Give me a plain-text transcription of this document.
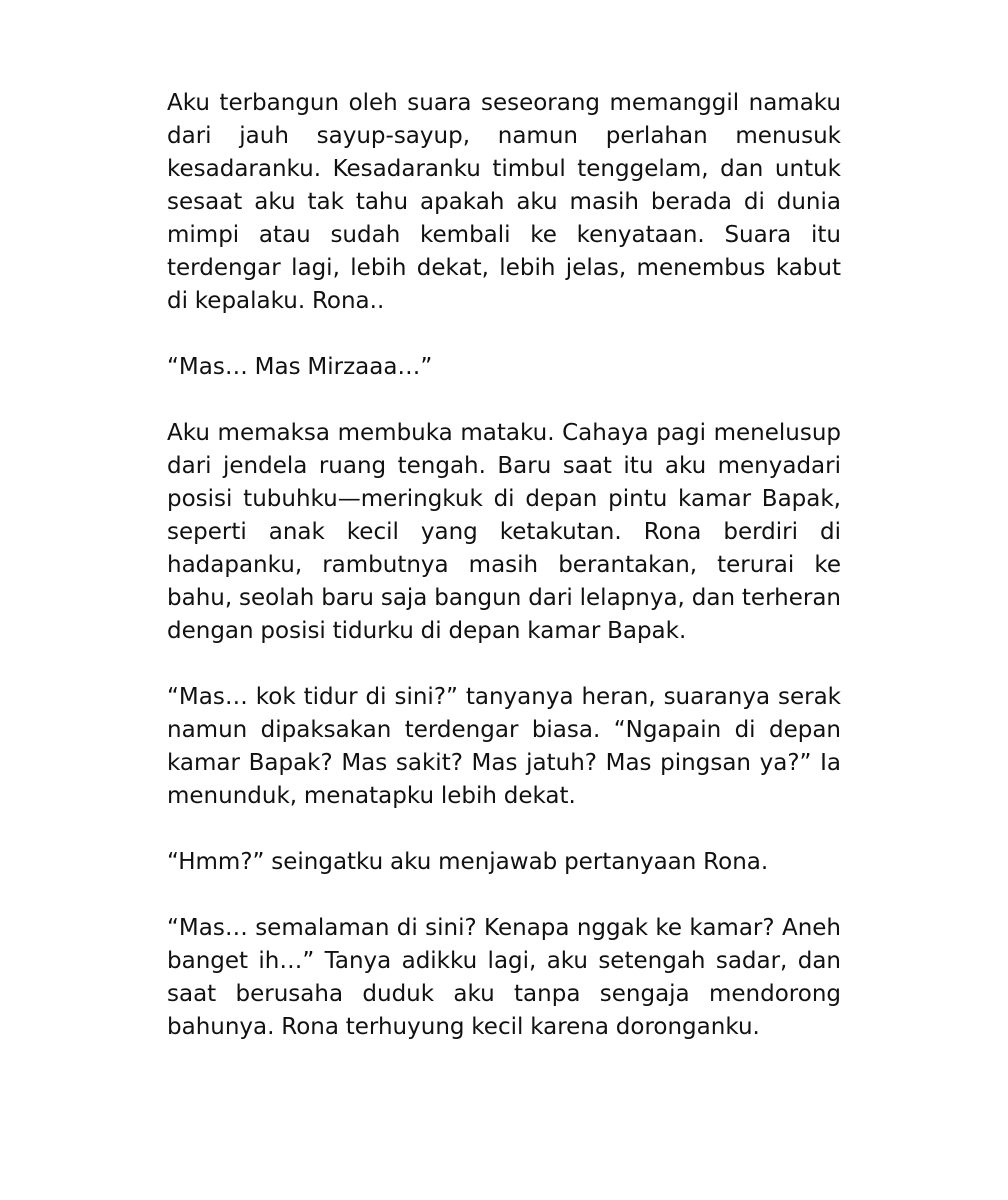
Aku terbangun oleh suara seseorang memanggil namaku dari jauh sayup-sayup, namun perlahan menusuk kesadaranku. Kesadaranku timbul tenggelam, dan untuk sesaat aku tak tahu apakah aku masih berada di dunia mimpi atau sudah kembali ke kenyataan. Suara itu terdengar lagi, lebih dekat, lebih jelas, menembus kabut di kepalaku. Rona..

“Mas… Mas Mirzaaa…”

Aku memaksa membuka mataku. Cahaya pagi menelusup dari jendela ruang tengah. Baru saat itu aku menyadari posisi tubuhku—meringkuk di depan pintu kamar Bapak, seperti anak kecil yang ketakutan. Rona berdiri di hadapanku, rambutnya masih berantakan, terurai ke bahu, seolah baru saja bangun dari lelapnya, dan terheran dengan posisi tidurku di depan kamar Bapak.

“Mas… kok tidur di sini?” tanyanya heran, suaranya serak namun dipaksakan terdengar biasa. “Ngapain di depan kamar Bapak? Mas sakit? Mas jatuh? Mas pingsan ya?” Ia menunduk, menatapku lebih dekat.

“Hmm?” seingatku aku menjawab pertanyaan Rona.

“Mas… semalaman di sini? Kenapa nggak ke kamar? Aneh banget ih…” Tanya adikku lagi, aku setengah sadar, dan saat berusaha duduk aku tanpa sengaja mendorong bahunya. Rona terhuyung kecil karena doronganku.
